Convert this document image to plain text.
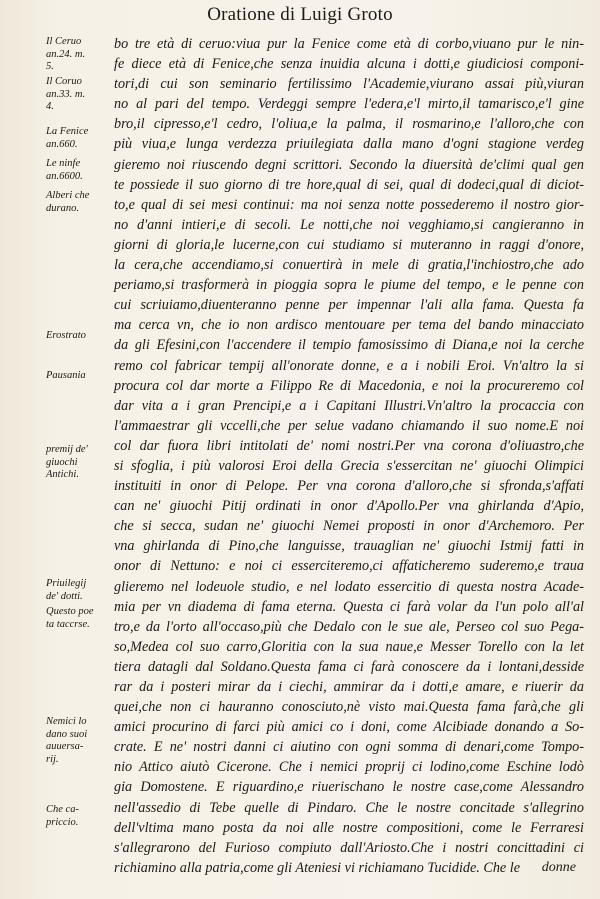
Oratione di Luigi Groto
Il Ceruo
an.24. m.
5.
Il Coruo
an.33. m.
4.
La Fenice
an.660.
Le ninfe
an.6600.
Alberi che
durano.
Erostrato
Pausania
premij de'
giuochi
Antichi.
Priuilegij
de' dotti.
Questo poe
ta taccrse.
Nemici lo
dano suoi
auuersa-
rij.
Che ca-
priccio.
bo tre età di ceruo:viua pur la Fenice come età di corbo,viuano pur le nin-
fe diece età di Fenice,che senza inuidia alcuna i dotti,e giudiciosi componi-
tori,di cui son seminario fertilissimo l'Academie,viurano assai più,viuran
no al pari del tempo. Verdeggi sempre l'edera,e'l mirto,il tamarisco,e'l gine
bro,il cipresso,e'l cedro, l'oliua,e la palma, il rosmarino,e l'alloro,che con
più viua,e lunga verdezza priuilegiata dalla mano d'ogni stagione verdeg
gieremo noi riuscendo degni scrittori. Secondo la diuersità de'climi qual gen
te possiede il suo giorno di tre hore,qual di sei, qual di dodeci,qual di diciot-
to,e qual di sei mesi continui: ma noi senza notte possederemo il nostro gior-
no d'anni intieri,e di secoli. Le notti,che noi vegghiamo,si cangieranno in
giorni di gloria,le lucerne,con cui studiamo si muteranno in raggi d'onore,
la cera,che accendiamo,si conuertirà in mele di gratia,l'inchiostro,che ado
periamo,si trasformerà in pioggia sopra le piume del tempo, e le penne con
cui scriuiamo,diuenteranno penne per impennar l'ali alla fama. Questa fa
ma cerca vn, che io non ardisco mentouare per tema del bando minacciato
da gli Efesini,con l'accendere il tempio famosissimo di Diana,e noi la cerche
remo col fabricar tempij all'onorate donne, e a i nobili Eroi. Vn'altro la si
procura col dar morte a Filippo Re di Macedonia, e noi la procureremo col
dar vita a i gran Prencipi,e a i Capitani Illustri.Vn'altro la procaccia con
l'ammaestrar gli vccelli,che per selue vadano chiamando il suo nome.E noi
col dar fuora libri intitolati de' nomi nostri.Per vna corona d'oliuastro,che
si sfoglia, i più valorosi Eroi della Grecia s'essercitan ne' giuochi Olimpici
instituiti in onor di Pelope. Per vna corona d'alloro,che si sfronda,s'affati
can ne' giuochi Pitij ordinati in onor d'Apollo.Per vna ghirlanda d'Apio,
che si secca, sudan ne' giuochi Nemei proposti in onor d'Archemoro. Per
vna ghirlanda di Pino,che languisse, trauaglian ne' giuochi Istmij fatti in
onor di Nettuno: e noi ci esserciteremo,ci affaticheremo suderemo,e traua
glieremo nel lodeuole studio, e nel lodato essercitio di questa nostra Acade-
mia per vn diadema di fama eterna. Questa ci farà volar da l'un polo all'al
tro,e da l'orto all'occaso,più che Dedalo con le sue ale, Perseo col suo Pega-
so,Medea col suo carro,Gloritia con la sua naue,e Messer Torello con la let
tiera datagli dal Soldano.Questa fama ci farà conoscere da i lontani,desside
rar da i posteri mirar da i ciechi, ammirar da i dotti,e amare, e riuerir da
quei,che non ci hauranno conosciuto,nè visto mai.Questa fama farà,che gli
amici procurino di farci più amici co i doni, come Alcibiade donando a So-
crate. E ne' nostri danni ci aiutino con ogni somma di denari,come Tompo-
nio Attico aiutò Cicerone. Che i nemici proprij ci lodino,come Eschine lodò
gia Domostene. E riguardino,e riuerischano le nostre case,come Alessandro
nell'assedio di Tebe quelle di Pindaro. Che le nostre concitade s'allegrino
dell'vltima mano posta da noi alle nostre compositioni, come le Ferraresi
s'allegrarono del Furioso compiuto dall'Ariosto.Che i nostri concittadini ci
richiamino alla patria,come gli Ateniesi vi richiamano Tucidide. Che le	donne
